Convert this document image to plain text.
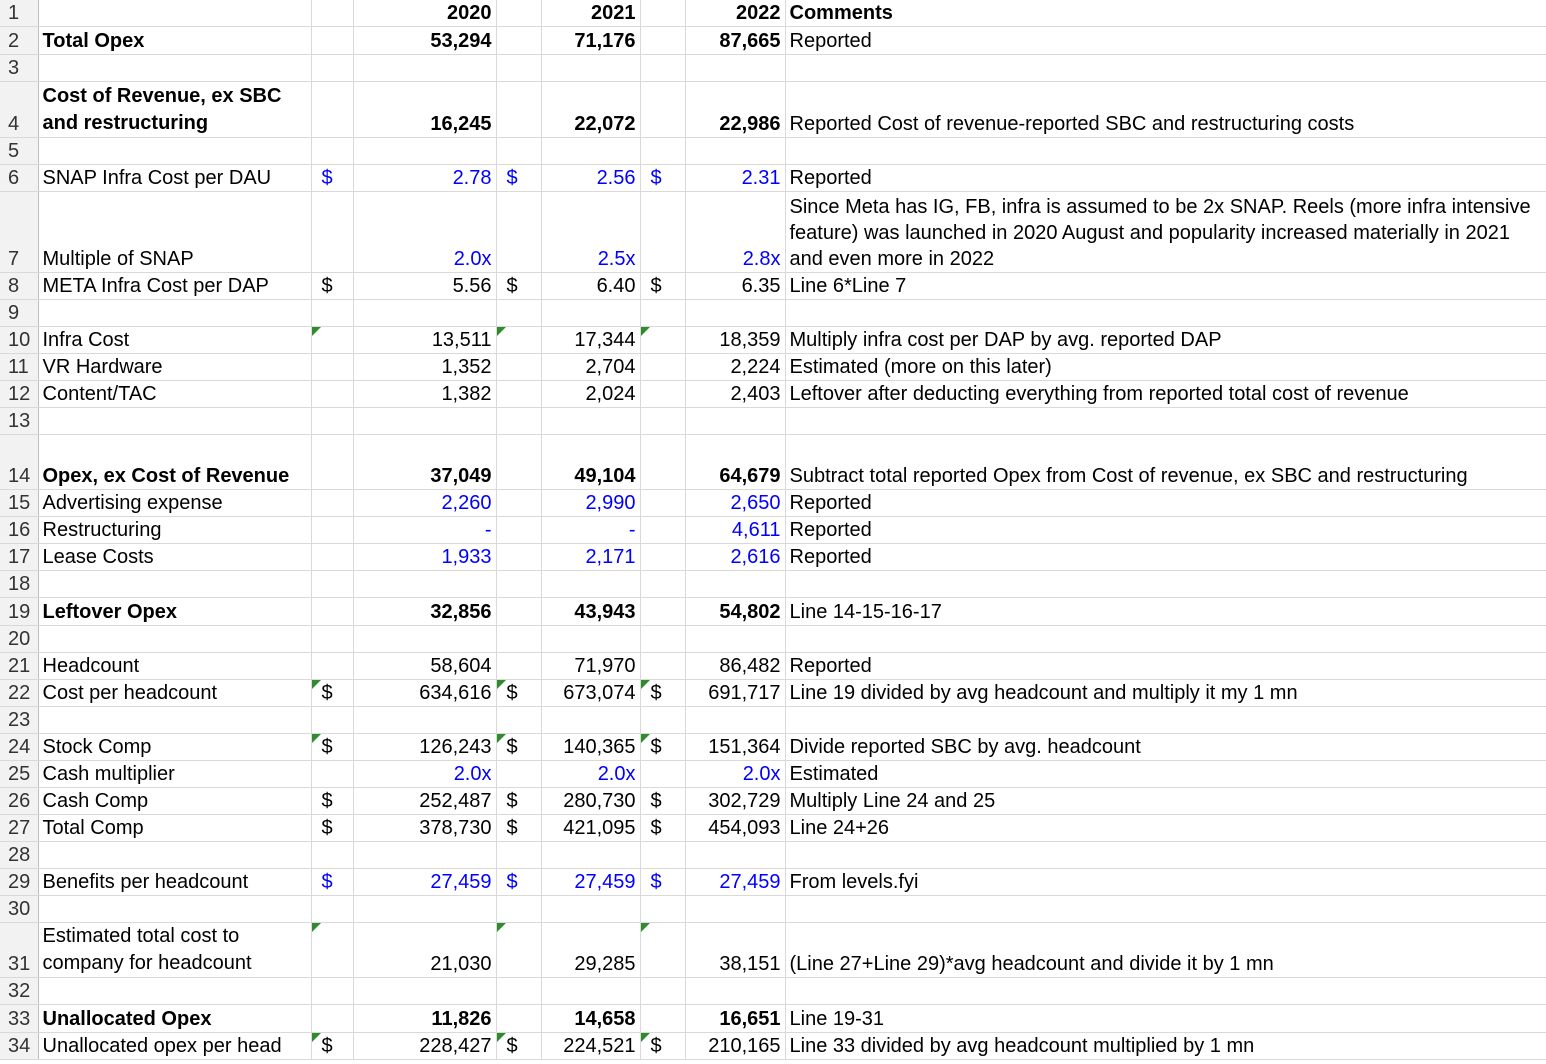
1			2020		2021		2022	Comments
2	Total Opex		53,294		71,176		87,665	Reported
3								
4	Cost of Revenue, ex SBC and restructuring		16,245		22,072		22,986	Reported Cost of revenue-reported SBC and restructuring costs
5								
6	SNAP Infra Cost per DAU	$	2.78	$	2.56	$	2.31	Reported
7	Multiple of SNAP		2.0x		2.5x		2.8x	Since Meta has IG, FB, infra is assumed to be 2x SNAP. Reels (more infra intensive feature) was launched in 2020 August and popularity increased materially in 2021 and even more in 2022
8	META Infra Cost per DAP	$	5.56	$	6.40	$	6.35	Line 6*Line 7
9								
10	Infra Cost		13,511		17,344		18,359	Multiply infra cost per DAP by avg. reported DAP
11	VR Hardware		1,352		2,704		2,224	Estimated (more on this later)
12	Content/TAC		1,382		2,024		2,403	Leftover after deducting everything from reported total cost of revenue
13								
14	Opex, ex Cost of Revenue		37,049		49,104		64,679	Subtract total reported Opex from Cost of revenue, ex SBC and restructuring
15	Advertising expense		2,260		2,990		2,650	Reported
16	Restructuring		-		-		4,611	Reported
17	Lease Costs		1,933		2,171		2,616	Reported
18								
19	Leftover Opex		32,856		43,943		54,802	Line 14-15-16-17
20								
21	Headcount		58,604		71,970		86,482	Reported
22	Cost per headcount	$	634,616	$	673,074	$	691,717	Line 19 divided by avg headcount and multiply it my 1 mn
23								
24	Stock Comp	$	126,243	$	140,365	$	151,364	Divide reported SBC by avg. headcount
25	Cash multiplier		2.0x		2.0x		2.0x	Estimated
26	Cash Comp	$	252,487	$	280,730	$	302,729	Multiply Line 24 and 25
27	Total Comp	$	378,730	$	421,095	$	454,093	Line 24+26
28								
29	Benefits per headcount	$	27,459	$	27,459	$	27,459	From levels.fyi
30								
31	Estimated total cost to company for headcount		21,030		29,285		38,151	(Line 27+Line 29)*avg headcount and divide it by 1 mn
32								
33	Unallocated Opex		11,826		14,658		16,651	Line 19-31
34	Unallocated opex per head	$	228,427	$	224,521	$	210,165	Line 33 divided by avg headcount multiplied by 1 mn
